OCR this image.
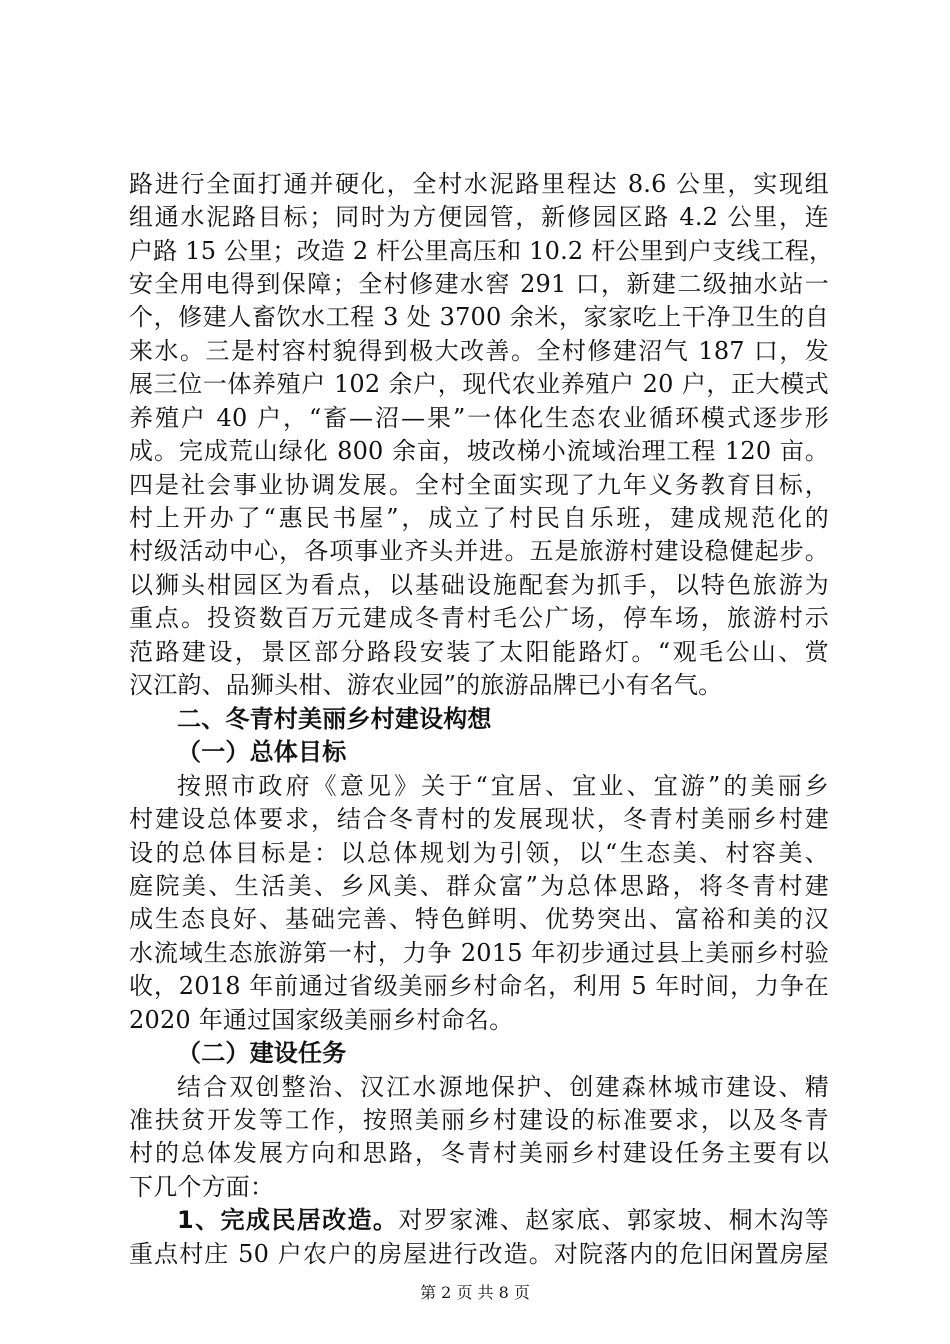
路进行全面打通并硬化，全村水泥路里程达 8.6 公里，实现组
组通水泥路目标；同时为方便园管，新修园区路 4.2 公里，连
户路 15 公里；改造 2 杆公里高压和 10.2 杆公里到户支线工程，
安全用电得到保障；全村修建水窖 291 口，新建二级抽水站一
个，修建人畜饮水工程 3 处 3700 余米，家家吃上干净卫生的自
来水。三是村容村貌得到极大改善。全村修建沼气 187 口，发
展三位一体养殖户 102 余户，现代农业养殖户 20 户，正大模式
养殖户 40 户，“畜—沼—果”一体化生态农业循环模式逐步形
成。完成荒山绿化 800 余亩，坡改梯小流域治理工程 120 亩。
四是社会事业协调发展。全村全面实现了九年义务教育目标，
村上开办了“惠民书屋”，成立了村民自乐班，建成规范化的
村级活动中心，各项事业齐头并进。五是旅游村建设稳健起步。
以狮头柑园区为看点，以基础设施配套为抓手，以特色旅游为
重点。投资数百万元建成冬青村毛公广场，停车场，旅游村示
范路建设，景区部分路段安装了太阳能路灯。“观毛公山、赏
汉江韵、品狮头柑、游农业园”的旅游品牌已小有名气。
二、冬青村美丽乡村建设构想
（一）总体目标
按照市政府《意见》关于“宜居、宜业、宜游”的美丽乡
村建设总体要求，结合冬青村的发展现状，冬青村美丽乡村建
设的总体目标是：以总体规划为引领，以“生态美、村容美、
庭院美、生活美、乡风美、群众富”为总体思路，将冬青村建
成生态良好、基础完善、特色鲜明、优势突出、富裕和美的汉
水流域生态旅游第一村，力争 2015 年初步通过县上美丽乡村验
收，2018 年前通过省级美丽乡村命名，利用 5 年时间，力争在
2020 年通过国家级美丽乡村命名。
（二）建设任务
结合双创整治、汉江水源地保护、创建森林城市建设、精
准扶贫开发等工作，按照美丽乡村建设的标准要求，以及冬青
村的总体发展方向和思路，冬青村美丽乡村建设任务主要有以
下几个方面：
1、完成民居改造。对罗家滩、赵家底、郭家坡、桐木沟等
重点村庄 50 户农户的房屋进行改造。对院落内的危旧闲置房屋
第 2 页 共 8 页
